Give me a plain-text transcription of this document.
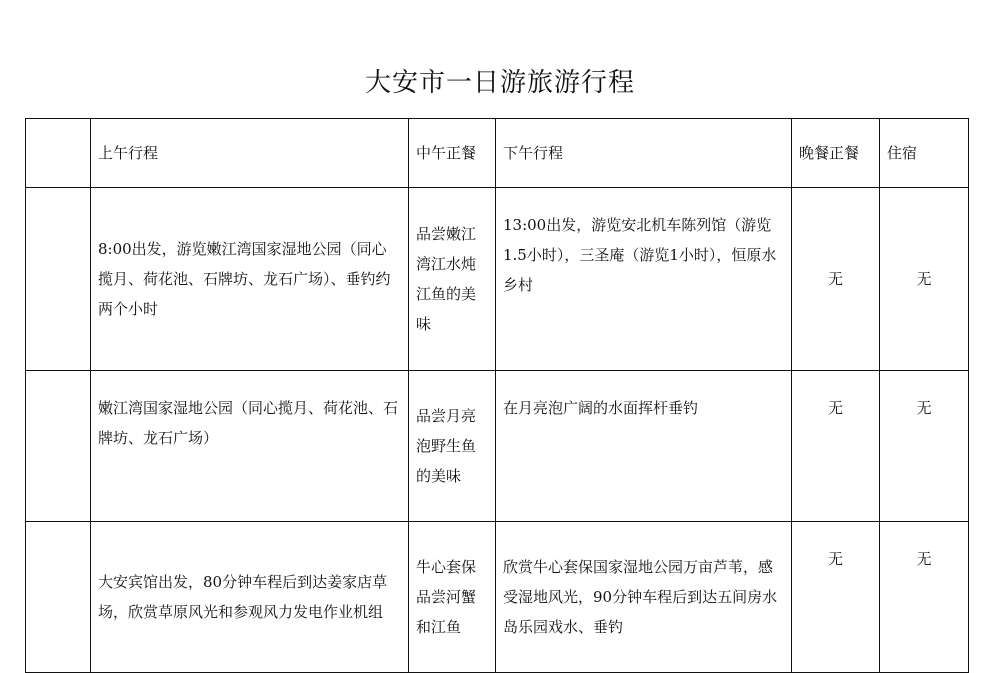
大安市一日游旅游行程
	上午行程	中午正餐	下午行程	晚餐正餐	住宿
	8:00出发，游览嫩江湾国家湿地公园（同心揽月、荷花池、石牌坊、龙石广场）、垂钓约两个小时	品尝嫩江湾江水炖江鱼的美味	13:00出发，游览安北机车陈列馆（游览1.5小时），三圣庵（游览1小时），恒原水乡村	无	无
	嫩江湾国家湿地公园（同心揽月、荷花池、石牌坊、龙石广场）	品尝月亮泡野生鱼的美味	在月亮泡广阔的水面挥杆垂钓	无	无
	大安宾馆出发，80分钟车程后到达姜家店草场，欣赏草原风光和参观风力发电作业机组	牛心套保品尝河蟹和江鱼	欣赏牛心套保国家湿地公园万亩芦苇，感受湿地风光，90分钟车程后到达五间房水岛乐园戏水、垂钓	无	无
